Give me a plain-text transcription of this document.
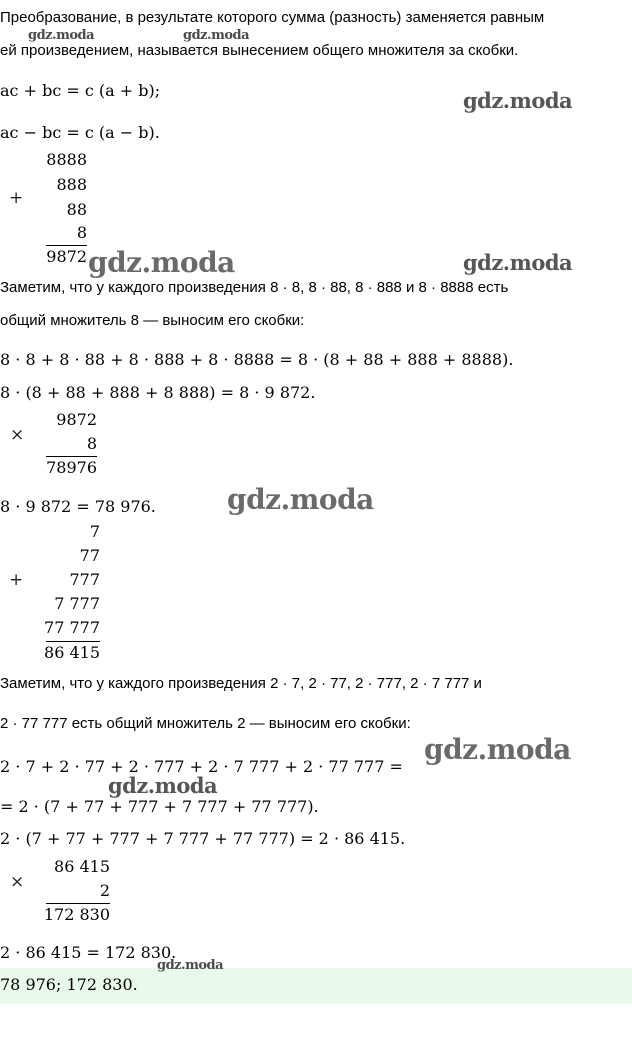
Преобразование, в результате которого сумма (разность) заменяется равным
ей произведением, называется вынесением общего множителя за скобки.
ac + bc = c (a + b);
ac − bc = c (a − b).
+
8888
888
88
8
9872
Заметим, что у каждого произведения 8 · 8, 8 · 88, 8 · 888 и 8 · 8888 есть
общий множитель 8 — выносим его скобки:
8 · 8 + 8 · 88 + 8 · 888 + 8 · 8888 = 8 · (8 + 88 + 888 + 8888).
8 · (8 + 88 + 888 + 8 888) = 8 · 9 872.
×
9872
8
78976
8 · 9 872 = 78 976.
+
7
77
777
7 777
77 777
86 415
Заметим, что у каждого произведения 2 · 7, 2 · 77, 2 · 777, 2 · 7 777 и
2 · 77 777 есть общий множитель 2 — выносим его скобки:
2 · 7 + 2 · 77 + 2 · 777 + 2 · 7 777 + 2 · 77 777 =
= 2 · (7 + 77 + 777 + 7 777 + 77 777).
2 · (7 + 77 + 777 + 7 777 + 77 777) = 2 · 86 415.
×
86 415
2
172 830
2 · 86 415 = 172 830.
78 976; 172 830.
gdz.moda	gdz.moda
gdz.moda
gdz.moda	gdz.moda
gdz.moda
gdz.moda
gdz.moda
gdz.moda
